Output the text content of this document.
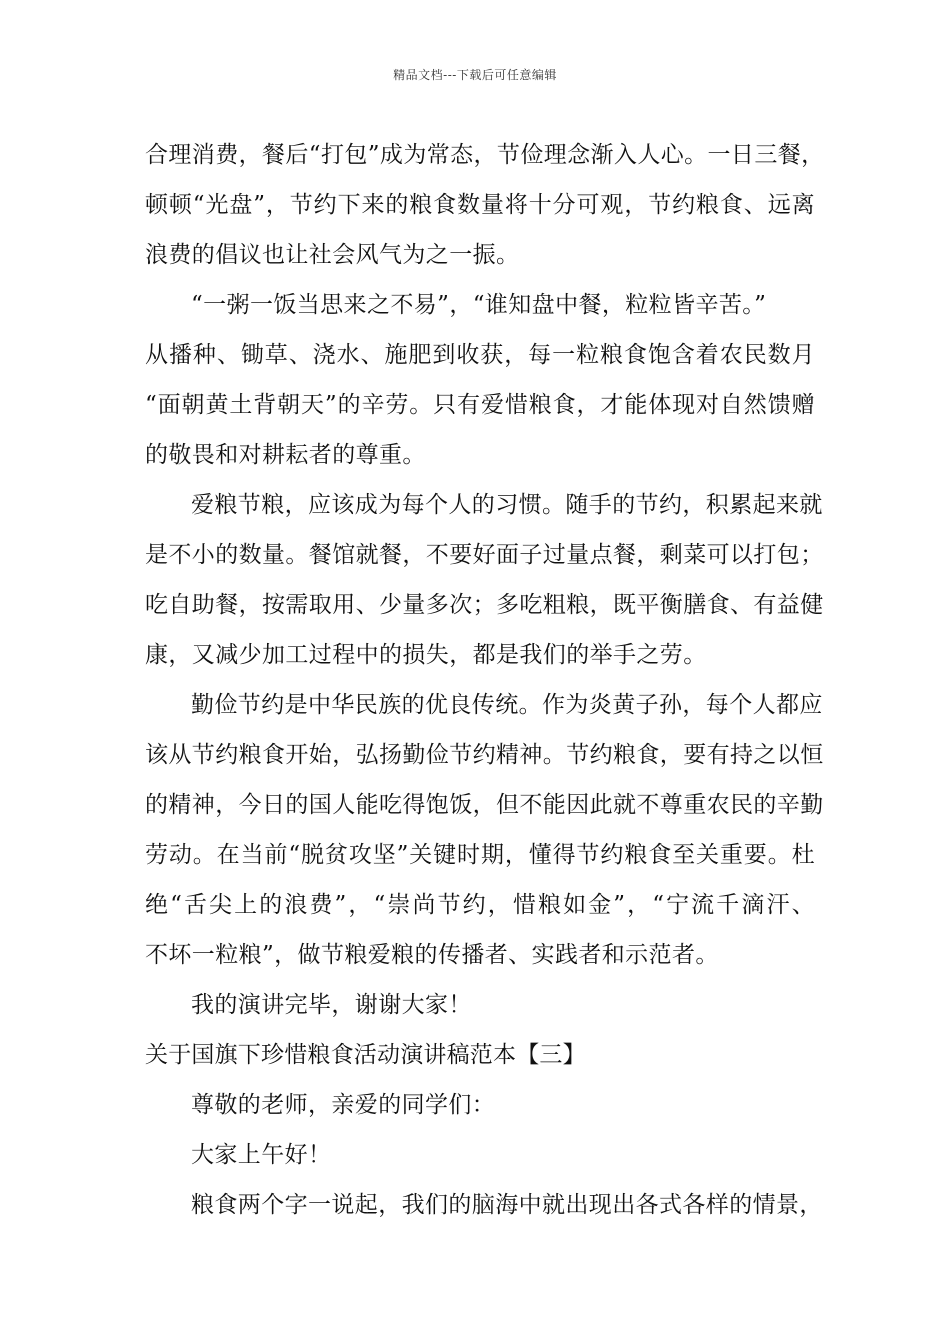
精品文档---下载后可任意编辑
合理消费，餐后“打包”成为常态，节俭理念渐入人心。一日三餐，
顿顿“光盘”，节约下来的粮食数量将十分可观，节约粮食、远离
浪费的倡议也让社会风气为之一振。
“一粥一饭当思来之不易”，“谁知盘中餐，粒粒皆辛苦。”
从播种、锄草、浇水、施肥到收获，每一粒粮食饱含着农民数月
“面朝黄土背朝天”的辛劳。只有爱惜粮食，才能体现对自然馈赠
的敬畏和对耕耘者的尊重。
爱粮节粮，应该成为每个人的习惯。随手的节约，积累起来就
是不小的数量。餐馆就餐，不要好面子过量点餐，剩菜可以打包；
吃自助餐，按需取用、少量多次；多吃粗粮，既平衡膳食、有益健
康，又减少加工过程中的损失，都是我们的举手之劳。
勤俭节约是中华民族的优良传统。作为炎黄子孙，每个人都应
该从节约粮食开始，弘扬勤俭节约精神。节约粮食，要有持之以恒
的精神，今日的国人能吃得饱饭，但不能因此就不尊重农民的辛勤
劳动。在当前“脱贫攻坚”关键时期，懂得节约粮食至关重要。杜
绝“舌尖上的浪费”，“崇尚节约，惜粮如金”，“宁流千滴汗、
不坏一粒粮”，做节粮爱粮的传播者、实践者和示范者。
我的演讲完毕，谢谢大家！
关于国旗下珍惜粮食活动演讲稿范本【三】
尊敬的老师，亲爱的同学们：
大家上午好！
粮食两个字一说起，我们的脑海中就出现出各式各样的情景，
